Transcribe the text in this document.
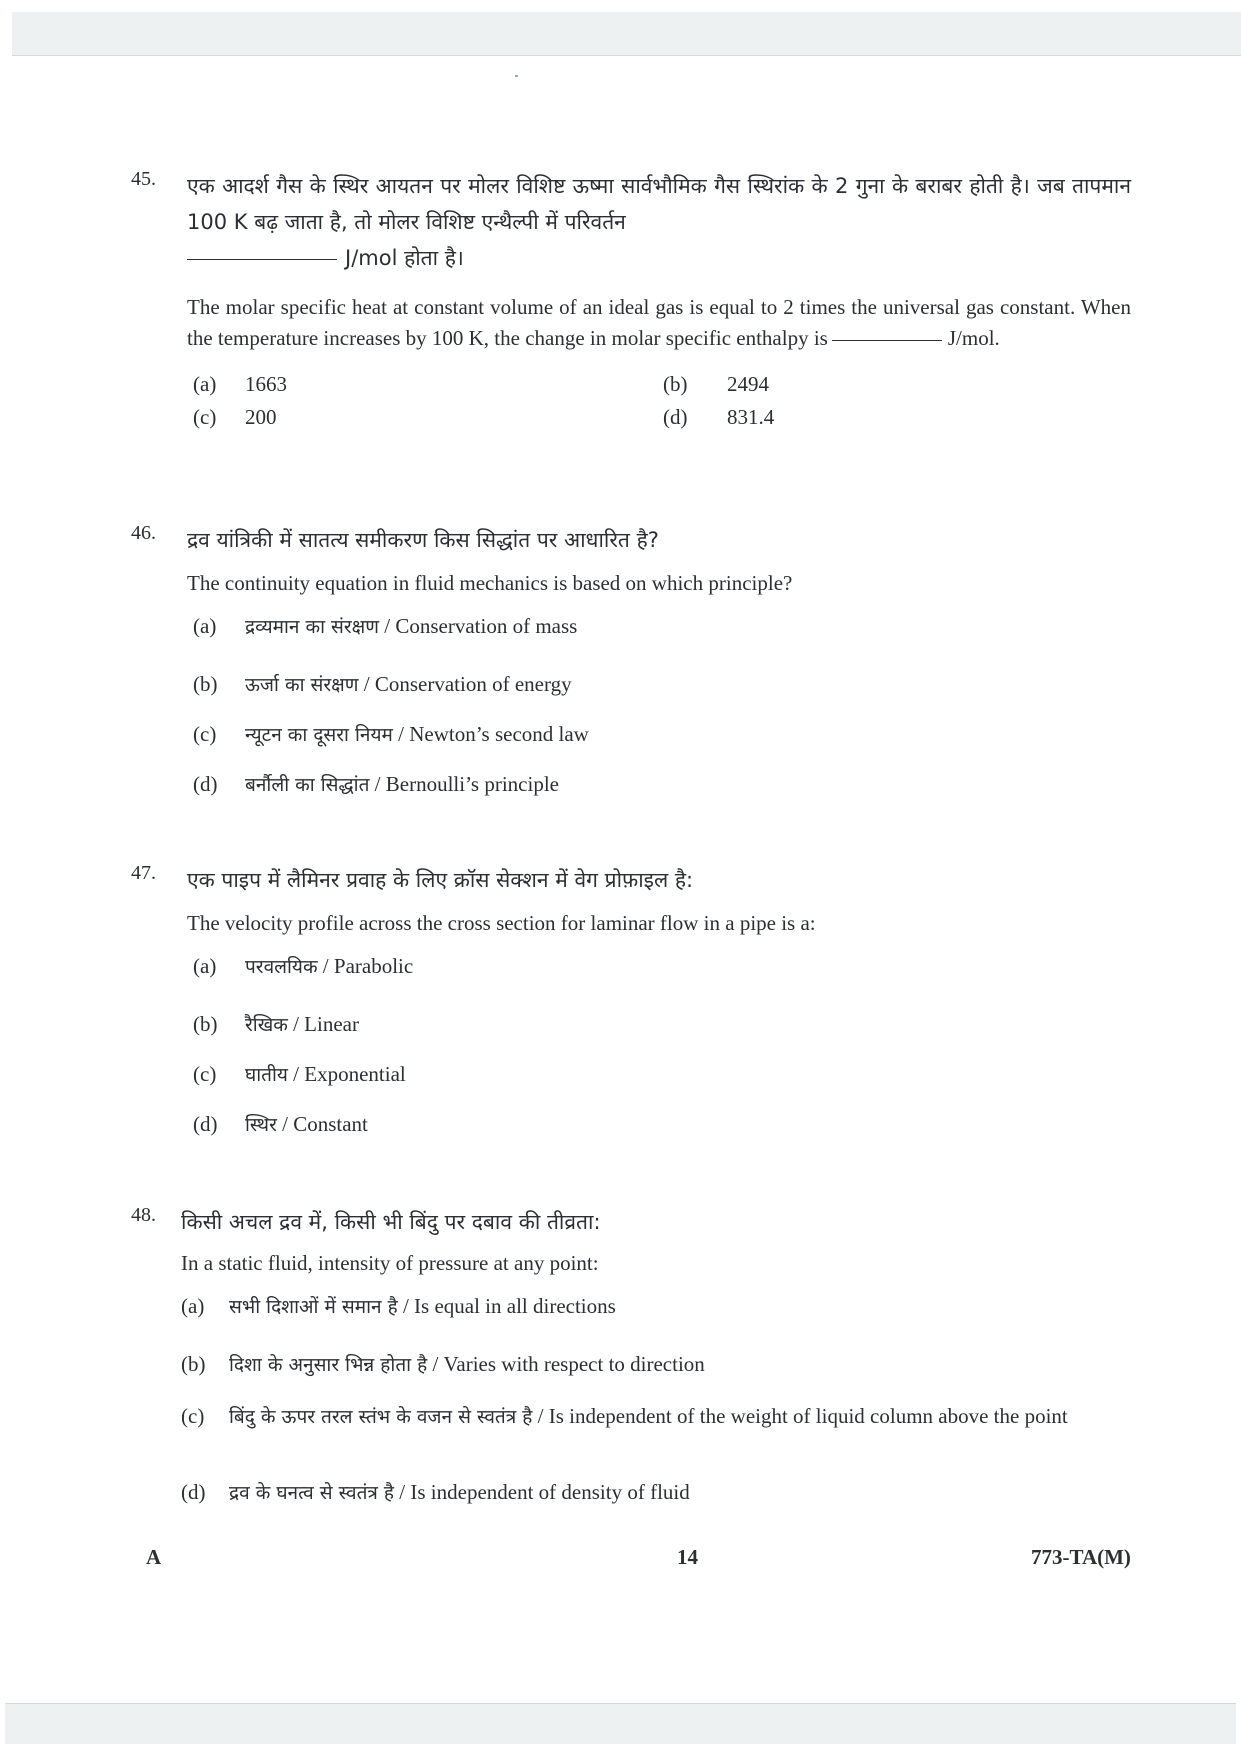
45. एक आदर्श गैस के स्थिर आयतन पर मोलर विशिष्ट ऊष्मा सार्वभौमिक गैस स्थिरांक के 2 गुना के बराबर होती है। जब तापमान 100 K बढ़ जाता है, तो मोलर विशिष्ट एन्थैल्पी में परिवर्तन
J/mol होता है।
The molar specific heat at constant volume of an ideal gas is equal to 2 times the universal gas constant. When the temperature increases by 100 K, the change in molar specific enthalpy is	J/mol.
(a)	1663	(b)	2494
(c)	200	(d)	831.4
46. द्रव यांत्रिकी में सातत्य समीकरण किस सिद्धांत पर आधारित है?
The continuity equation in fluid mechanics is based on which principle?
(a)	द्रव्यमान का संरक्षण / Conservation of mass
(b)	ऊर्जा का संरक्षण / Conservation of energy
(c)	न्यूटन का दूसरा नियम / Newton’s second law
(d)	बर्नौली का सिद्धांत / Bernoulli’s principle
47. एक पाइप में लैमिनर प्रवाह के लिए क्रॉस सेक्शन में वेग प्रोफ़ाइल है:
The velocity profile across the cross section for laminar flow in a pipe is a:
(a)	परवलयिक / Parabolic
(b)	रैखिक / Linear
(c)	घातीय / Exponential
(d)	स्थिर / Constant
48. किसी अचल द्रव में, किसी भी बिंदु पर दबाव की तीव्रता:
In a static fluid, intensity of pressure at any point:
(a)	सभी दिशाओं में समान है / Is equal in all directions
(b)	दिशा के अनुसार भिन्न होता है / Varies with respect to direction
(c)	बिंदु के ऊपर तरल स्तंभ के वजन से स्वतंत्र है / Is independent of the weight of liquid column above the point
(d)	द्रव के घनत्व से स्वतंत्र है / Is independent of density of fluid
A	14	773-TA(M)
